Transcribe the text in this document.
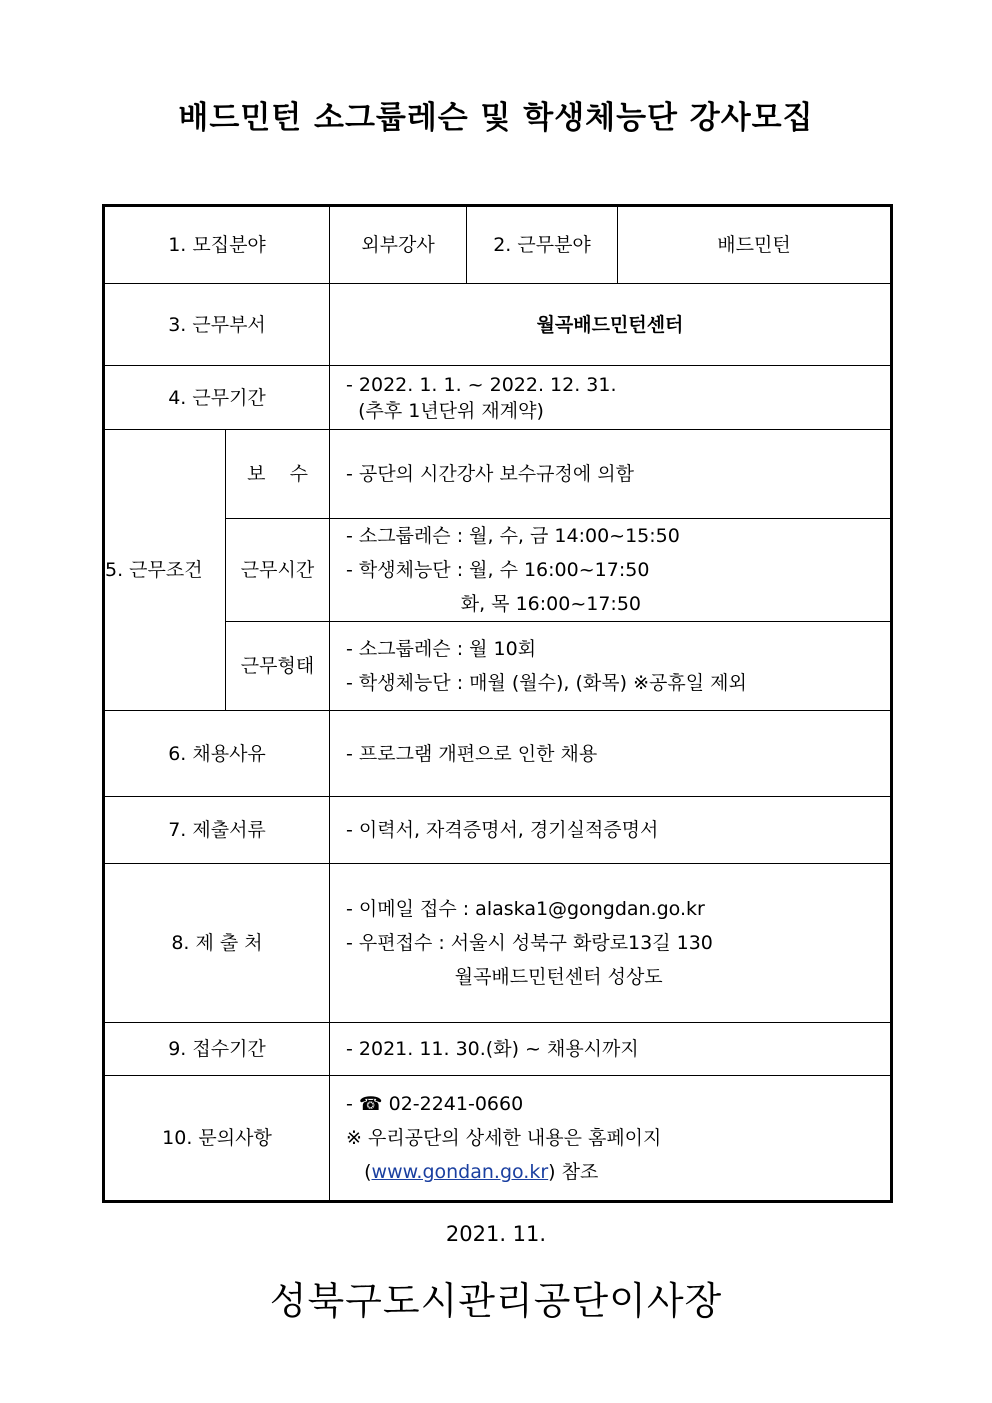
배드민턴 소그룹레슨 및 학생체능단 강사모집
1. 모집분야		외부강사	2. 근무분야	배드민턴
3. 근무부서		월곡배드민턴센터		
4. 근무기간		- 2022. 1. 1. ~ 2022. 12. 31.
(추후 1년단위 재계약)		

5. 근무조건	보    수	- 공단의 시간강사 보수규정에 의함		
	근무시간	- 소그룹레슨 : 월, 수, 금 14:00~15:50
- 학생체능단 : 월, 수 16:00~17:50
화, 목 16:00~17:50		

	근무형태	- 소그룹레슨 : 월 10회
- 학생체능단 : 매월 (월수), (화목) ※공휴일 제외		

6. 채용사유		- 프로그램 개편으로 인한 채용		
7. 제출서류		- 이력서, 자격증명서, 경기실적증명서		
8. 제 출 처		- 이메일 접수 : alaska1@gongdan.go.kr
- 우편접수 : 서울시 성북구 화랑로13길 130
월곡배드민턴센터 성상도		

9. 접수기간		- 2021. 11. 30.(화) ~ 채용시까지		
10. 문의사항		- ☎ 02-2241-0660
※ 우리공단의 상세한 내용은 홈페이지
(www.gondan.go.kr) 참조		
2021. 11.
성북구도시관리공단이사장
